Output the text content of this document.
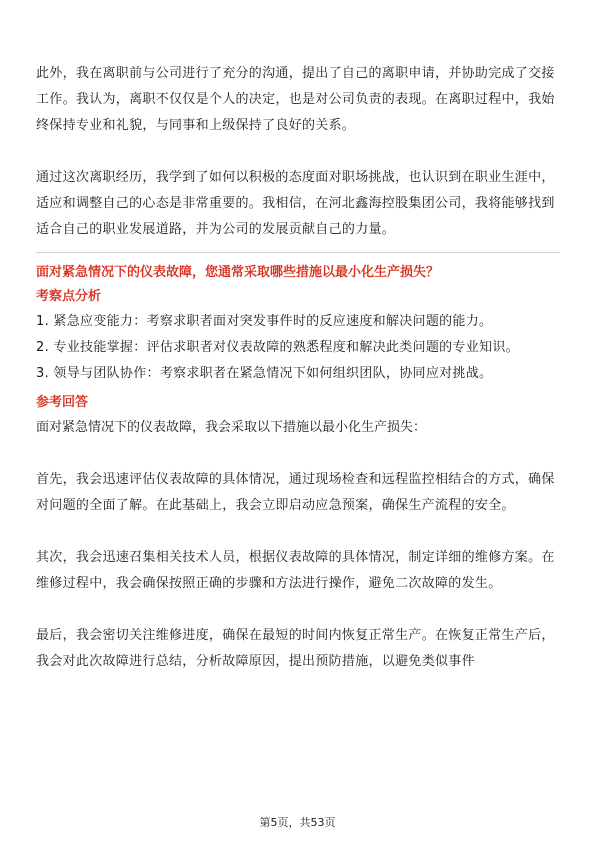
此外，我在离职前与公司进行了充分的沟通，提出了自己的离职申请，并协助完成了交接工作。我认为，离职不仅仅是个人的决定，也是对公司负责的表现。在离职过程中，我始终保持专业和礼貌，与同事和上级保持了良好的关系。

通过这次离职经历，我学到了如何以积极的态度面对职场挑战，也认识到在职业生涯中，适应和调整自己的心态是非常重要的。我相信，在河北鑫海控股集团公司，我将能够找到适合自己的职业发展道路，并为公司的发展贡献自己的力量。

面对紧急情况下的仪表故障，您通常采取哪些措施以最小化生产损失？

考察点分析

1. 紧急应变能力：考察求职者面对突发事件时的反应速度和解决问题的能力。

2. 专业技能掌握：评估求职者对仪表故障的熟悉程度和解决此类问题的专业知识。

3. 领导与团队协作：考察求职者在紧急情况下如何组织团队，协同应对挑战。

参考回答

面对紧急情况下的仪表故障，我会采取以下措施以最小化生产损失：

首先，我会迅速评估仪表故障的具体情况，通过现场检查和远程监控相结合的方式，确保对问题的全面了解。在此基础上，我会立即启动应急预案，确保生产流程的安全。

其次，我会迅速召集相关技术人员，根据仪表故障的具体情况，制定详细的维修方案。在维修过程中，我会确保按照正确的步骤和方法进行操作，避免二次故障的发生。

最后，我会密切关注维修进度，确保在最短的时间内恢复正常生产。在恢复正常生产后，我会对此次故障进行总结，分析故障原因，提出预防措施，以避免类似事件

第5页，共53页
